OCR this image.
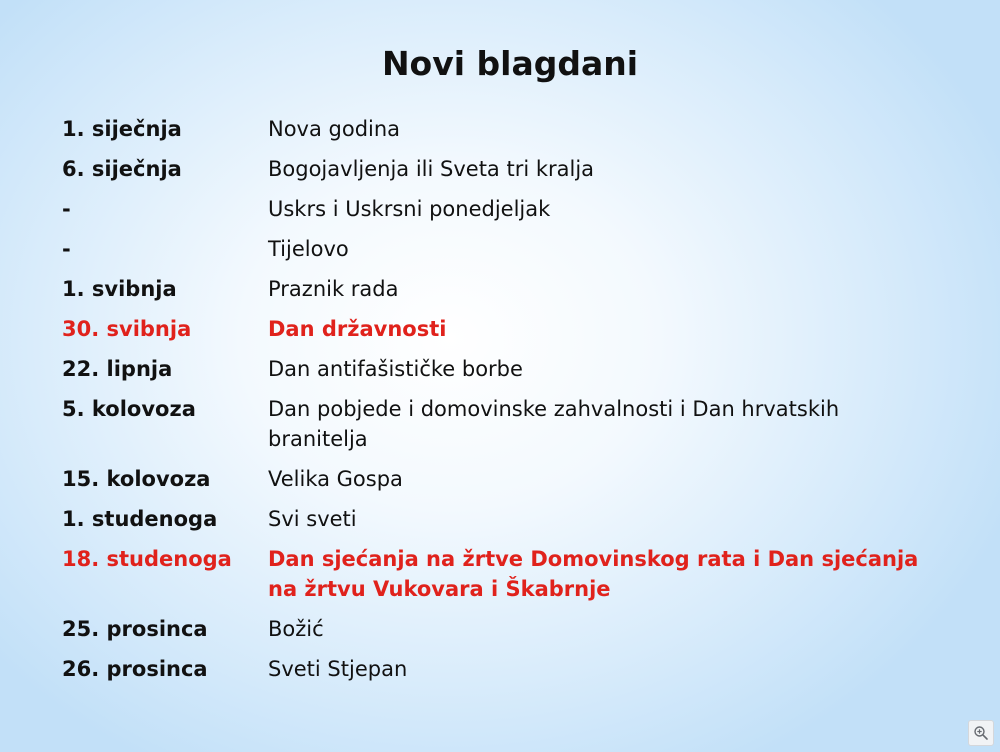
Novi blagdani
1. siječnja	Nova godina
6. siječnja	Bogojavljenja ili Sveta tri kralja
-	Uskrs i Uskrsni ponedjeljak
-	Tijelovo
1. svibnja	Praznik rada
30. svibnja	Dan državnosti
22. lipnja	Dan antifašističke borbe
5. kolovoza	Dan pobjede i domovinske zahvalnosti i Dan hrvatskih branitelja
15. kolovoza	Velika Gospa
1. studenoga	Svi sveti
18. studenoga	Dan sjećanja na žrtve Domovinskog rata i Dan sjećanja na žrtvu Vukovara i Škabrnje
25. prosinca	Božić
26. prosinca	Sveti Stjepan
